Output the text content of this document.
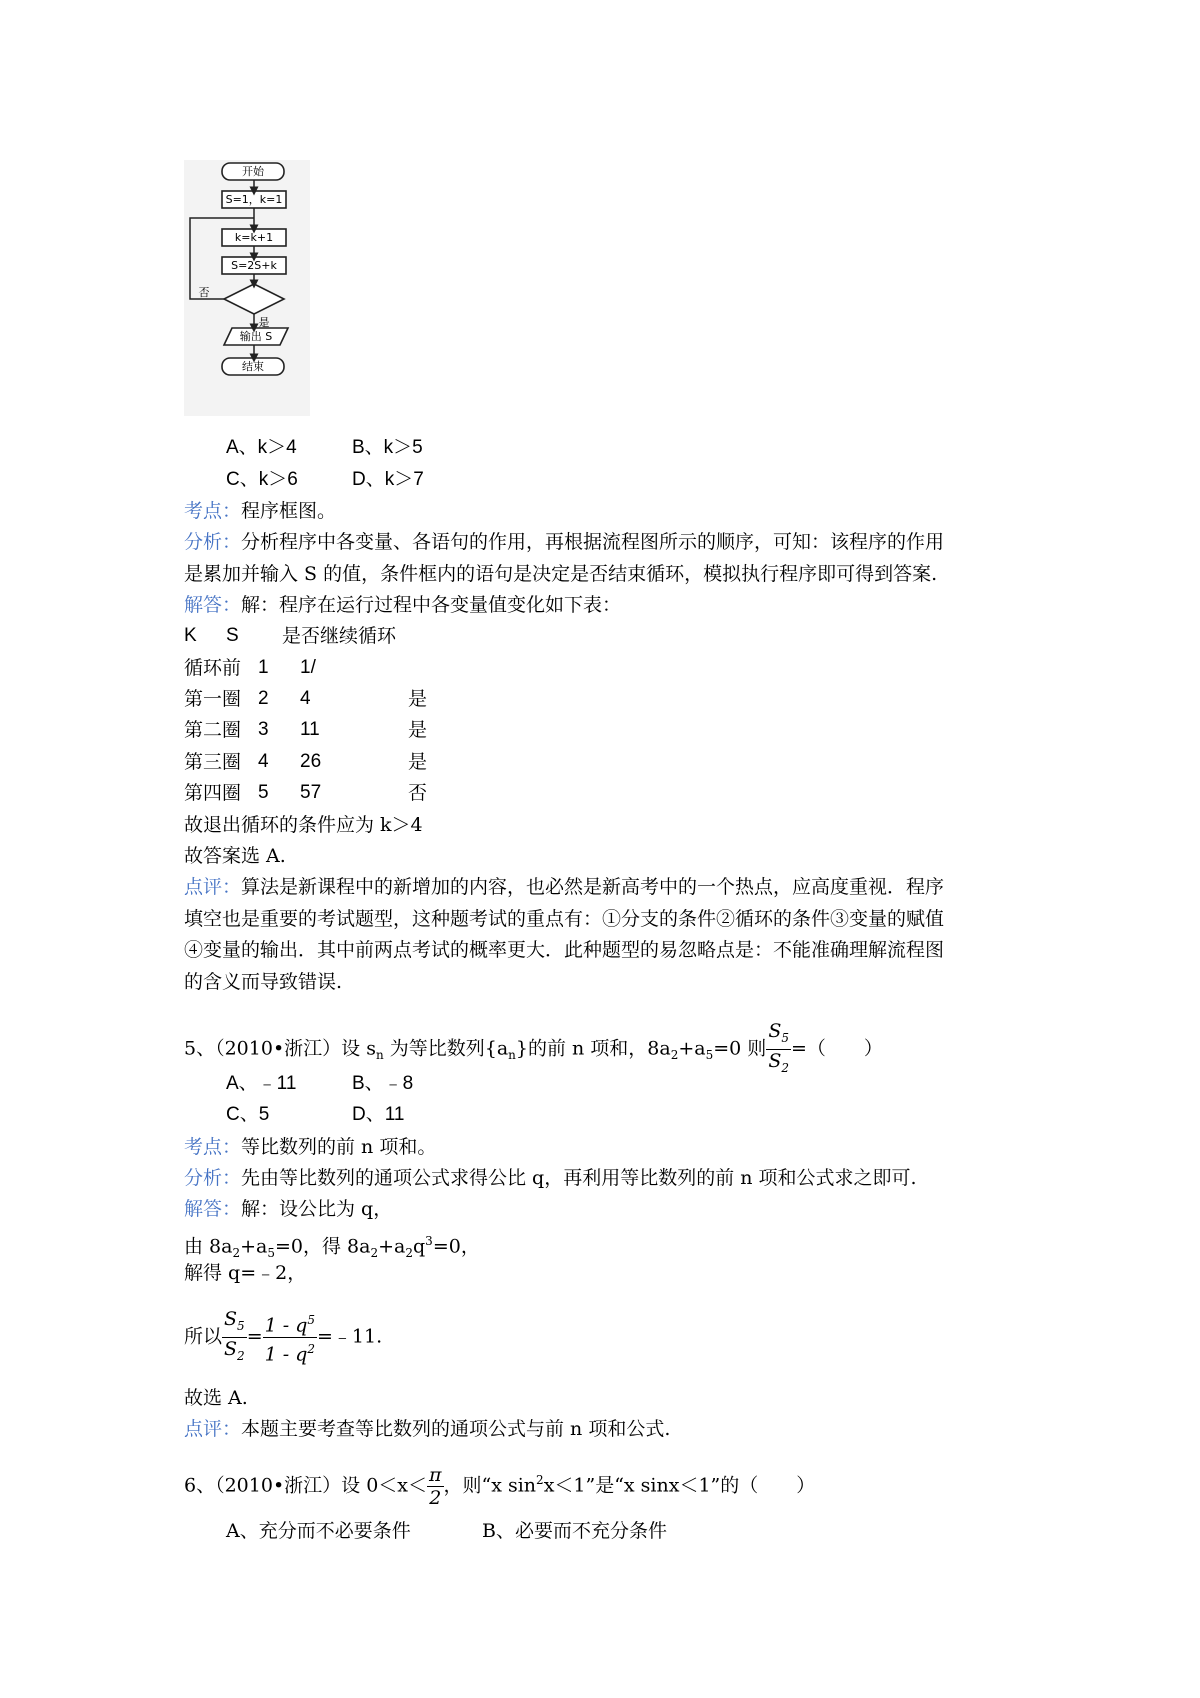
开始
S=1，k=1
k=k+1
S=2S+k
否
是
输出 S
结束
A、k＞4	B、k＞5
C、k＞6	D、k＞7
考点：程序框图。
分析：分析程序中各变量、各语句的作用，再根据流程图所示的顺序，可知：该程序的作用
是累加并输入 S 的值，条件框内的语句是决定是否结束循环，模拟执行程序即可得到答案.
解答：解：程序在运行过程中各变量值变化如下表：
K S 是否继续循环
循环前 1 1/
第一圈 2 4	是
第二圈 3 11	是
第三圈 4 26	是
第四圈 5 57	否
故退出循环的条件应为 k＞4
故答案选 A.
点评：算法是新课程中的新增加的内容，也必然是新高考中的一个热点，应高度重视．程序
填空也是重要的考试题型，这种题考试的重点有：①分支的条件②循环的条件③变量的赋值
④变量的输出．其中前两点考试的概率更大．此种题型的易忽略点是：不能准确理解流程图
的含义而导致错误.
5、（2010•浙江）设 $s_n$ 为等比数列$\{a_n\}$的前 n 项和，$8a_2+a_5=0$ 则 $\frac{S_5}{S_2}$ =（　　）
A、﹣11	B、﹣8
C、5	D、11
考点：等比数列的前 n 项和。
分析：先由等比数列的通项公式求得公比 q，再利用等比数列的前 n 项和公式求之即可.
解答：解：设公比为 q，
由 $8a_2+a_5=0$，得 $8a_2+a_2q^3=0$，
解得 q=﹣2，
所以 $\frac{S_5}{S_2} = \frac{1 - q^5}{1 - q^2}$ =﹣11.
故选 A.
点评：本题主要考查等比数列的通项公式与前 n 项和公式.
6、（2010•浙江）设 $0<x< \frac{\pi}{2}$ ，则“x $\sin^2x<1$”是“x sinx＜1”的（　　）
A、充分而不必要条件	B、必要而不充分条件
